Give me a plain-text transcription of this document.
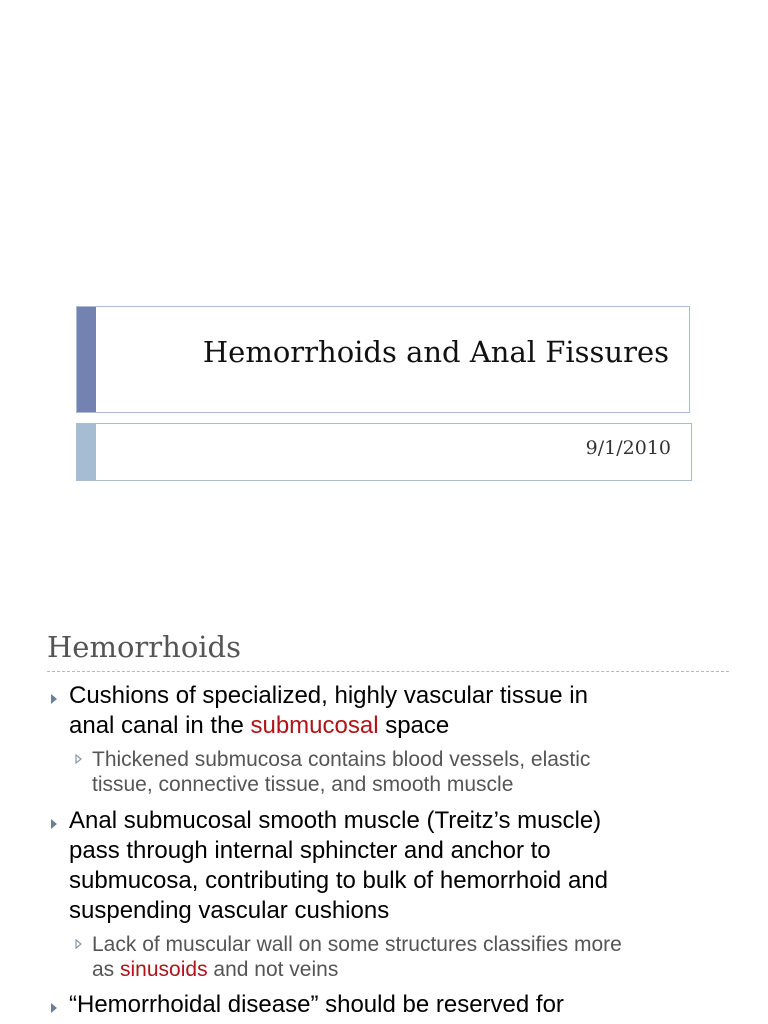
Hemorrhoids and Anal Fissures
9/1/2010
Hemorrhoids
Cushions of specialized, highly vascular tissue in
anal canal in the submucosal space
Thickened submucosa contains blood vessels, elastic
tissue, connective tissue, and smooth muscle
Anal submucosal smooth muscle (Treitz’s muscle)
pass through internal sphincter and anchor to
submucosa, contributing to bulk of hemorrhoid and
suspending vascular cushions
Lack of muscular wall on some structures classifies more
as sinusoids and not veins
“Hemorrhoidal disease” should be reserved for
